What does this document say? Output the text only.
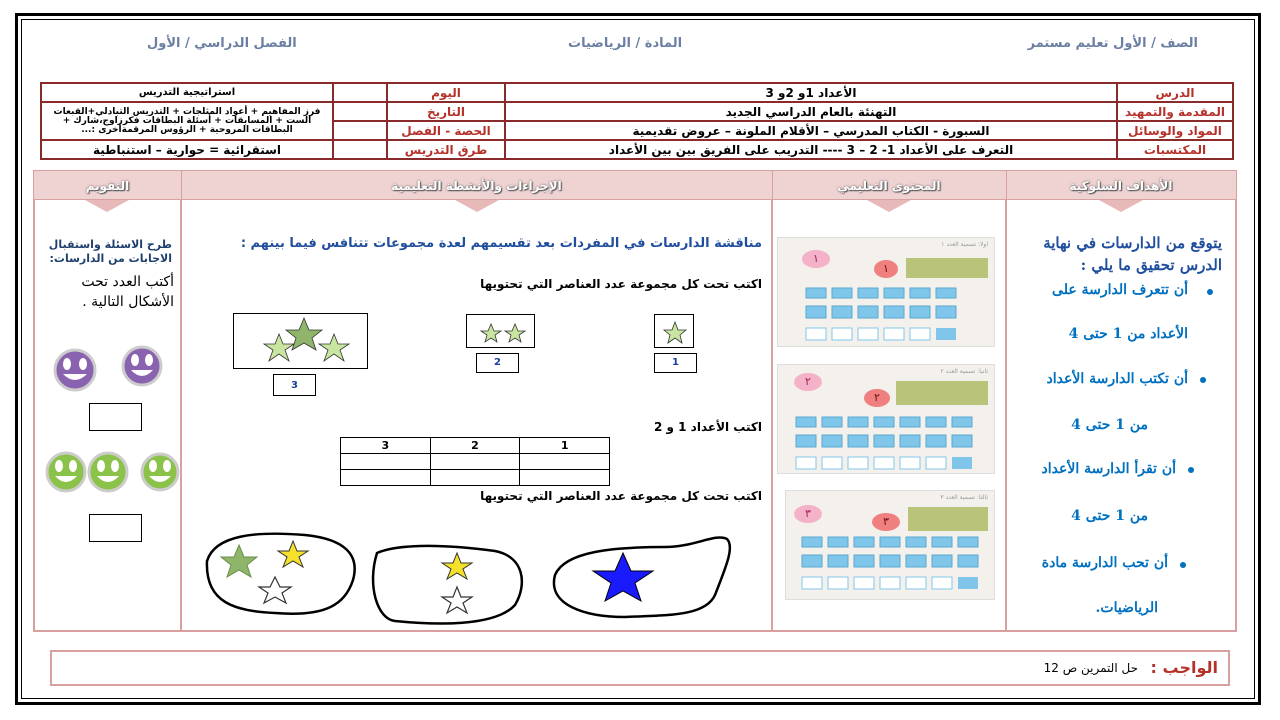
الصف / الأول تعليم مستمر
المادة / الرياضيات
الفصل الدراسي / الأول
الدرس	الأعداد 1و 2و 3	اليوم		استراتيجية التدريس
المقدمة والتمهيد	التهنئة بالعام الدراسي الجديد	التاريخ		فرز المفاهيم + أعواد المثلجات + التدريس التبادلي+القبعات الست + المسابقات + أسئلة البطاقات فكرزاوج،شارك + البطاقات المروحية + الرؤوس المرقمةأخرى :...
المواد والوسائل	السبورة - الكتاب المدرسي – الأقلام الملونة – عروض تقديمية	الحصة - الفصل		
المكتسبات	التعرف على الأعداد 1- 2 – 3 ---- التدريب على الفريق بين بين الأعداد	طرق التدريس		استقرائية = حوارية – استنباطية
الأهداف السلوكية
المحتوى التعليمي
الإجراءات والأنشطة التعليمية
التقويم
يتوقع من الدارسات في نهاية الدرس تحقيق ما يلي :
أن تتعرف الدارسة على
الأعداد من 1 حتى 4
أن تكتب الدارسة الأعداد
من 1 حتى 4
أن تقرأ الدارسة الأعداد
من 1 حتى 4
أن تحب الدارسة مادة
الرياضيات.
اولا: تسمية العدد ١
١
١
ثانيا: تسمية العدد ٢
٢
٢
ثالثا: تسمية العدد ٣
٣
٣
مناقشة الدارسات في المفردات بعد تقسيمهم لعدة مجموعات تتنافس فيما بينهم :
اكتب تحت كل مجموعة عدد العناصر التي تحتويها
1
2
3
اكتب الأعداد 1 و 2
3	2	1

اكتب تحت كل مجموعة عدد العناصر التي تحتويها
طرح الاسئلة واستقبال الاجابات من الدارسات:
أكتب العدد تحت الأشكال التالية .
الواجب :
حل التمرين ص 12
